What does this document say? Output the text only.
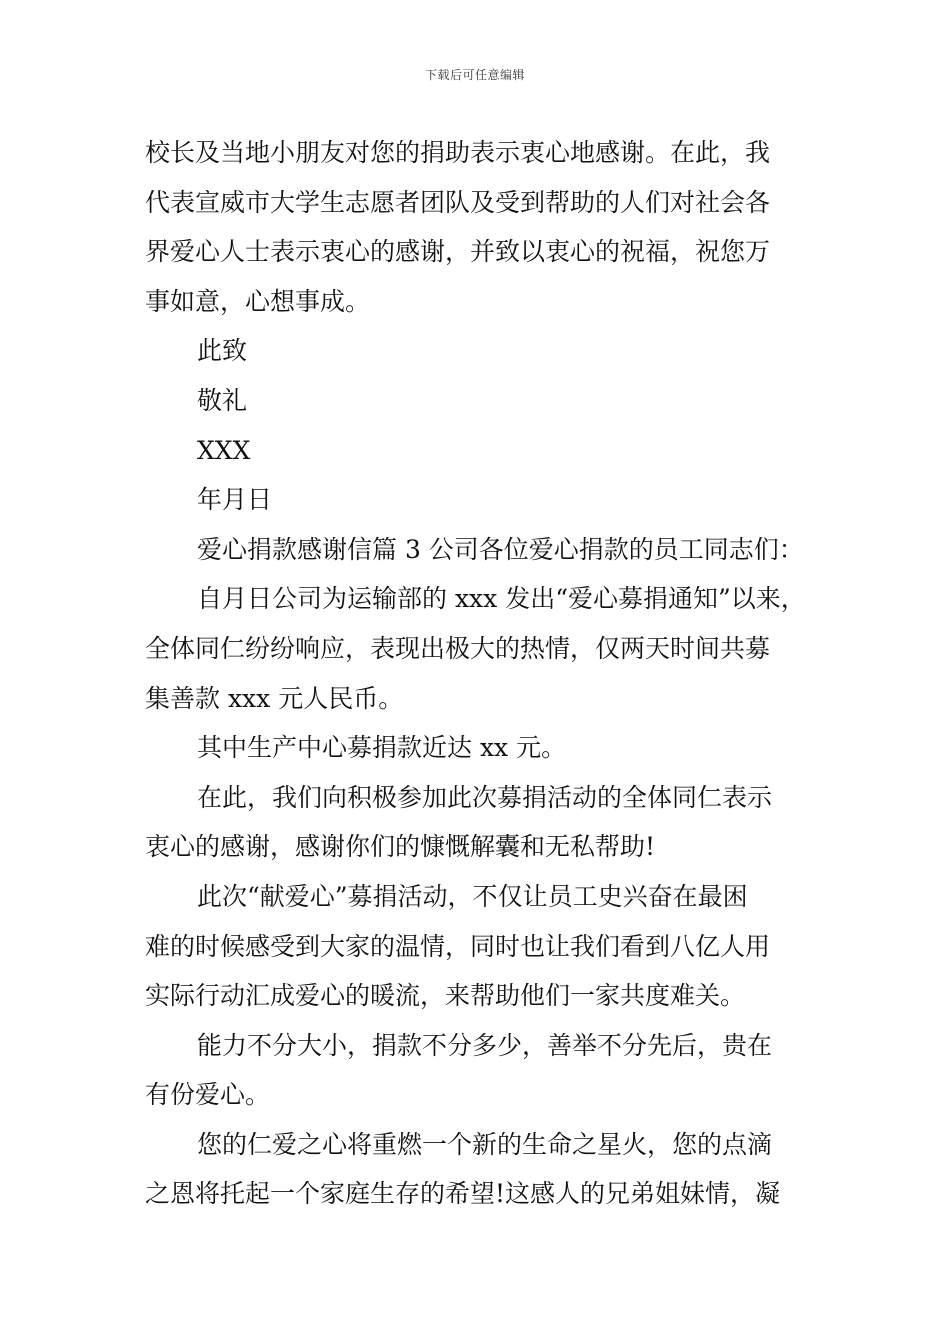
下载后可任意编辑
校长及当地小朋友对您的捐助表示衷心地感谢。在此，我
代表宣威市大学生志愿者团队及受到帮助的人们对社会各
界爱心人士表示衷心的感谢，并致以衷心的祝福，祝您万
事如意，心想事成。
此致
敬礼
XXX
年月日
爱心捐款感谢信篇 3 公司各位爱心捐款的员工同志们：
自月日公司为运输部的 xxx 发出“爱心募捐通知”以来，
全体同仁纷纷响应，表现出极大的热情，仅两天时间共募
集善款 xxx 元人民币。
其中生产中心募捐款近达 xx 元。
在此，我们向积极参加此次募捐活动的全体同仁表示
衷心的感谢，感谢你们的慷慨解囊和无私帮助!
此次“献爱心”募捐活动，不仅让员工史兴奋在最困
难的时候感受到大家的温情，同时也让我们看到八亿人用
实际行动汇成爱心的暖流，来帮助他们一家共度难关。
能力不分大小，捐款不分多少，善举不分先后，贵在
有份爱心。
您的仁爱之心将重燃一个新的生命之星火，您的点滴
之恩将托起一个家庭生存的希望!这感人的兄弟姐妹情，凝
